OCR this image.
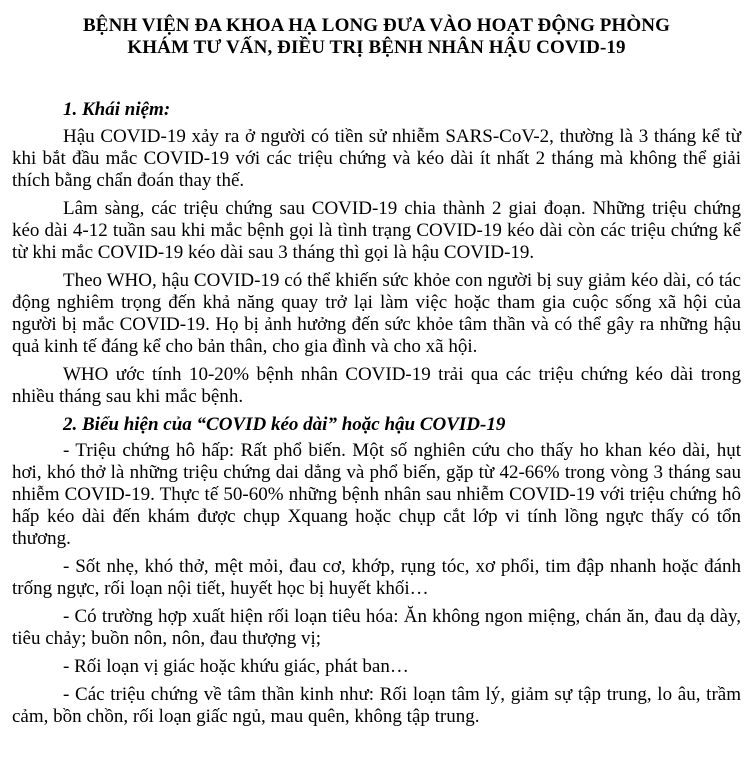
BỆNH VIỆN ĐA KHOA HẠ LONG ĐƯA VÀO HOẠT ĐỘNG PHÒNG
KHÁM TƯ VẤN, ĐIỀU TRỊ BỆNH NHÂN HẬU COVID-19
1. Khái niệm:

Hậu COVID-19 xảy ra ở người có tiền sử nhiễm SARS-CoV-2, thường là 3 tháng kể từ khi bắt đầu mắc COVID-19 với các triệu chứng và kéo dài ít nhất 2 tháng mà không thể giải thích bằng chẩn đoán thay thế.

Lâm sàng, các triệu chứng sau COVID-19 chia thành 2 giai đoạn. Những triệu chứng kéo dài 4-12 tuần sau khi mắc bệnh gọi là tình trạng COVID-19 kéo dài còn các triệu chứng kể từ khi mắc COVID-19 kéo dài sau 3 tháng thì gọi là hậu COVID-19.

Theo WHO, hậu COVID-19 có thể khiến sức khỏe con người bị suy giảm kéo dài, có tác động nghiêm trọng đến khả năng quay trở lại làm việc hoặc tham gia cuộc sống xã hội của người bị mắc COVID-19. Họ bị ảnh hưởng đến sức khỏe tâm thần và có thể gây ra những hậu quả kinh tế đáng kể cho bản thân, cho gia đình và cho xã hội.

WHO ước tính 10-20% bệnh nhân COVID-19 trải qua các triệu chứng kéo dài trong nhiều tháng sau khi mắc bệnh.

2. Biểu hiện của “COVID kéo dài” hoặc hậu COVID-19

- Triệu chứng hô hấp: Rất phổ biến. Một số nghiên cứu cho thấy ho khan kéo dài, hụt hơi, khó thở là những triệu chứng dai dẳng và phổ biến, gặp từ 42-66% trong vòng 3 tháng sau nhiễm COVID-19. Thực tế 50-60% những bệnh nhân sau nhiễm COVID-19 với triệu chứng hô hấp kéo dài đến khám được chụp Xquang hoặc chụp cắt lớp vi tính lồng ngực thấy có tổn thương.

- Sốt nhẹ, khó thở, mệt mỏi, đau cơ, khớp, rụng tóc, xơ phổi, tim đập nhanh hoặc đánh trống ngực, rối loạn nội tiết, huyết học bị huyết khối…

- Có trường hợp xuất hiện rối loạn tiêu hóa: Ăn không ngon miệng, chán ăn, đau dạ dày, tiêu chảy; buồn nôn, nôn, đau thượng vị;

- Rối loạn vị giác hoặc khứu giác, phát ban…

- Các triệu chứng về tâm thần kinh như: Rối loạn tâm lý, giảm sự tập trung, lo âu, trầm cảm, bồn chồn, rối loạn giấc ngủ, mau quên, không tập trung.
